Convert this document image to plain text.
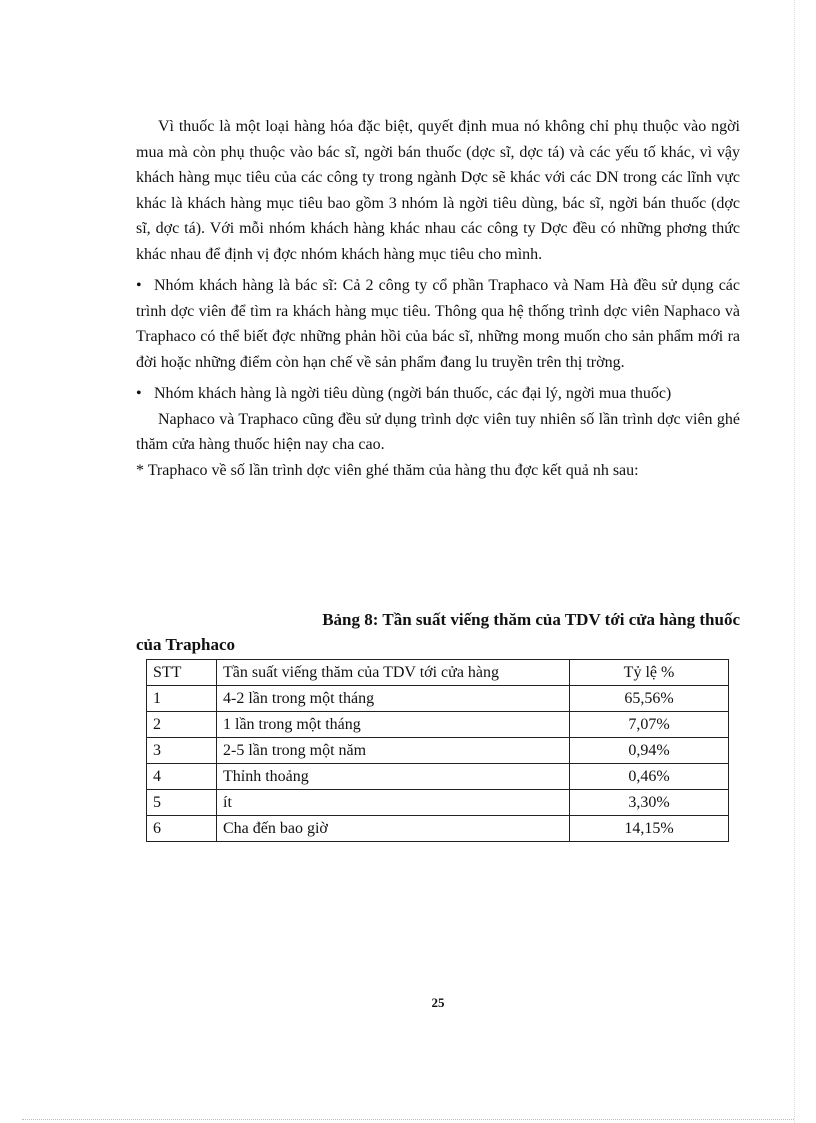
Vì thuốc là một loại hàng hóa đặc biệt, quyết định mua nó không chỉ phụ thuộc vào ngời mua mà còn phụ thuộc vào bác sĩ, ngời bán thuốc (dợc sĩ, dợc tá) và các yếu tố khác, vì vậy khách hàng mục tiêu của các công ty trong ngành Dợc sẽ khác với các DN trong các lĩnh vực khác là khách hàng mục tiêu bao gồm 3 nhóm là ngời tiêu dùng, bác sĩ, ngời bán thuốc (dợc sĩ, dợc tá). Với mỗi nhóm khách hàng khác nhau các công ty Dợc đều có những phơng thức khác nhau để định vị đợc nhóm khách hàng mục tiêu cho mình.

• Nhóm khách hàng là bác sĩ: Cả 2 công ty cổ phần Traphaco và Nam Hà đều sử dụng các trình dợc viên để tìm ra khách hàng mục tiêu. Thông qua hệ thống trình dợc viên Naphaco và Traphaco có thể biết đợc những phản hồi của bác sĩ, những mong muốn cho sản phẩm mới ra đời hoặc những điểm còn hạn chế về sản phẩm đang lu truyền trên thị trờng.

• Nhóm khách hàng là ngời tiêu dùng (ngời bán thuốc, các đại lý, ngời mua thuốc)

Naphaco và Traphaco cũng đều sử dụng trình dợc viên tuy nhiên số lần trình dợc viên ghé thăm cửa hàng thuốc hiện nay cha cao.

* Traphaco về số lần trình dợc viên ghé thăm của hàng thu đợc kết quả nh sau:

Bảng 8: Tần suất viếng thăm của TDV tới cửa hàng thuốc
của Traphaco
STT	Tần suất viếng thăm của TDV tới cửa hàng	Tỷ lệ %
1	4-2 lần trong một tháng	65,56%
2	1 lần trong một tháng	7,07%
3	2-5 lần trong một năm	0,94%
4	Thỉnh thoảng	0,46%
5	ít	3,30%
6	Cha đến bao giờ	14,15%
25
